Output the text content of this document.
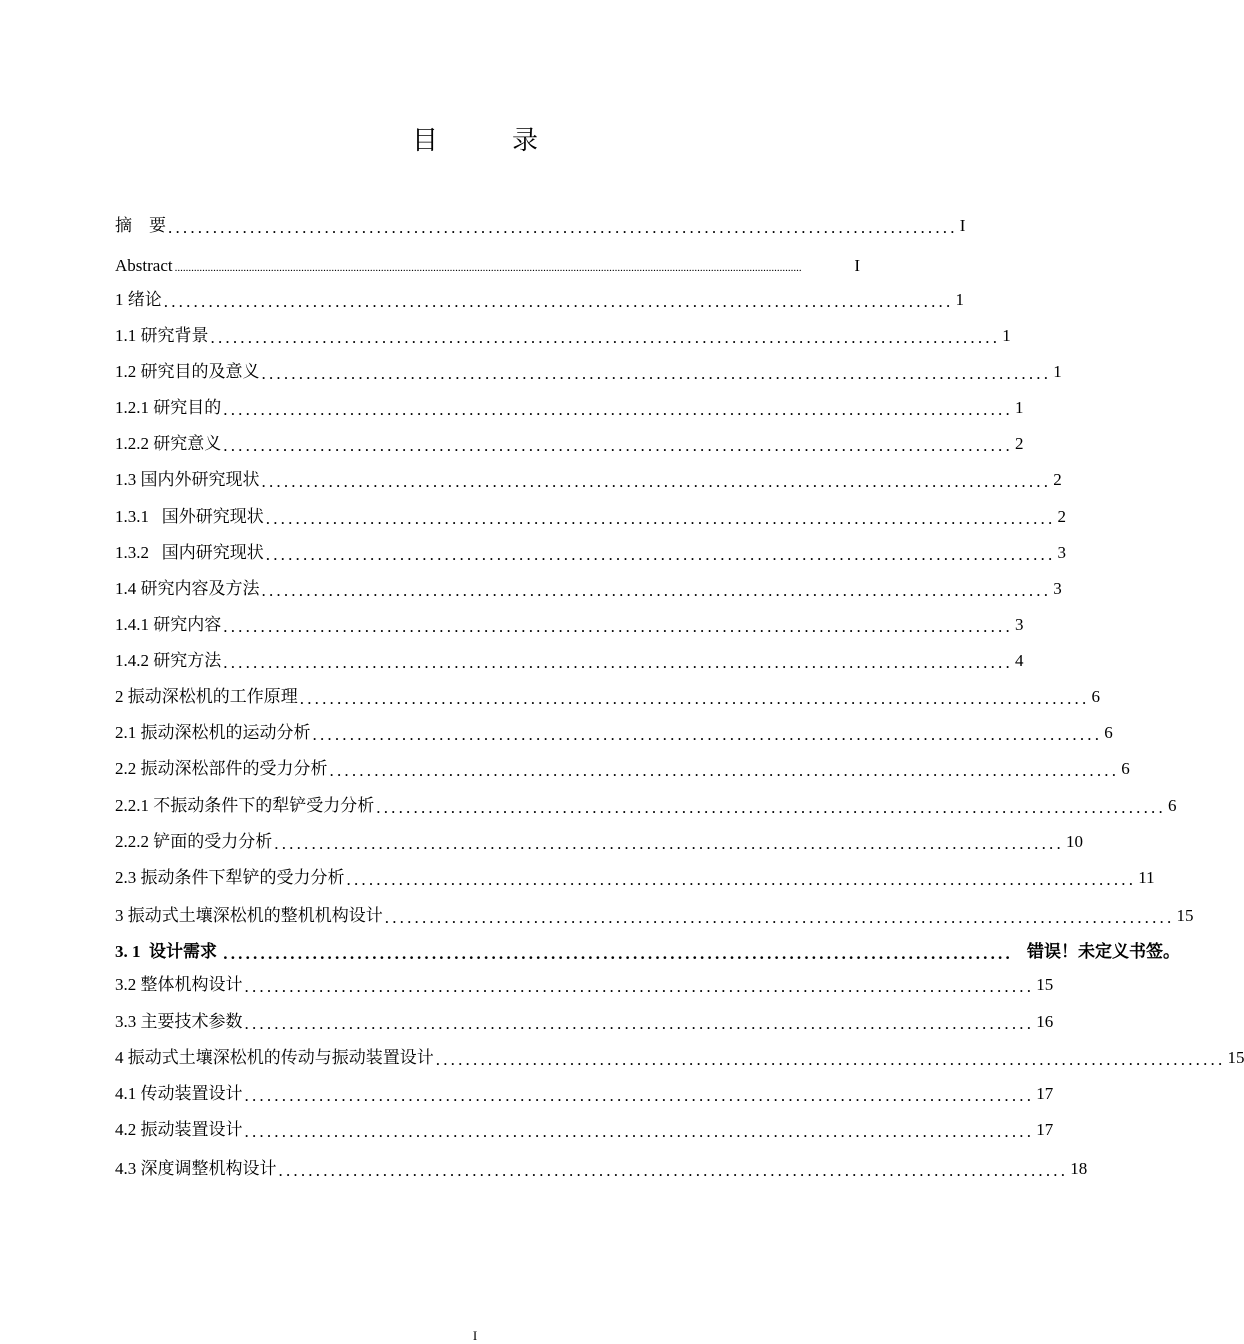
目　录
摘　要 .......................................................................................................... I
Abstract ....................................................................................................................................................................................................................................	I
1 绪论 .......................................................................................................... 1
1.1 研究背景 .......................................................................................................... 1
1.2 研究目的及意义 .......................................................................................................... 1
1.2.1 研究目的 .......................................................................................................... 1
1.2.2 研究意义 .......................................................................................................... 2
1.3 国内外研究现状 .......................................................................................................... 2
1.3.1   国外研究现状 .......................................................................................................... 2
1.3.2   国内研究现状 .......................................................................................................... 3
1.4 研究内容及方法 .......................................................................................................... 3
1.4.1 研究内容 .......................................................................................................... 3
1.4.2 研究方法 .......................................................................................................... 4
2 振动深松机的工作原理 .......................................................................................................... 6
2.1 振动深松机的运动分析 .......................................................................................................... 6
2.2 振动深松部件的受力分析 .......................................................................................................... 6
2.2.1 不振动条件下的犁铲受力分析 .......................................................................................................... 6
2.2.2 铲面的受力分析 .......................................................................................................... 10
2.3 振动条件下犁铲的受力分析 .......................................................................................................... 11
3 振动式土壤深松机的整机机构设计 .......................................................................................................... 15
3. 1  设计需求 .......................................................................................................... 错误！未定义书签。
3.2 整体机构设计 .......................................................................................................... 15
3.3 主要技术参数 .......................................................................................................... 16
4 振动式土壤深松机的传动与振动装置设计 .......................................................................................................... 15
4.1 传动装置设计 .......................................................................................................... 17
4.2 振动装置设计 .......................................................................................................... 17
4.3 深度调整机构设计 .......................................................................................................... 18
I
